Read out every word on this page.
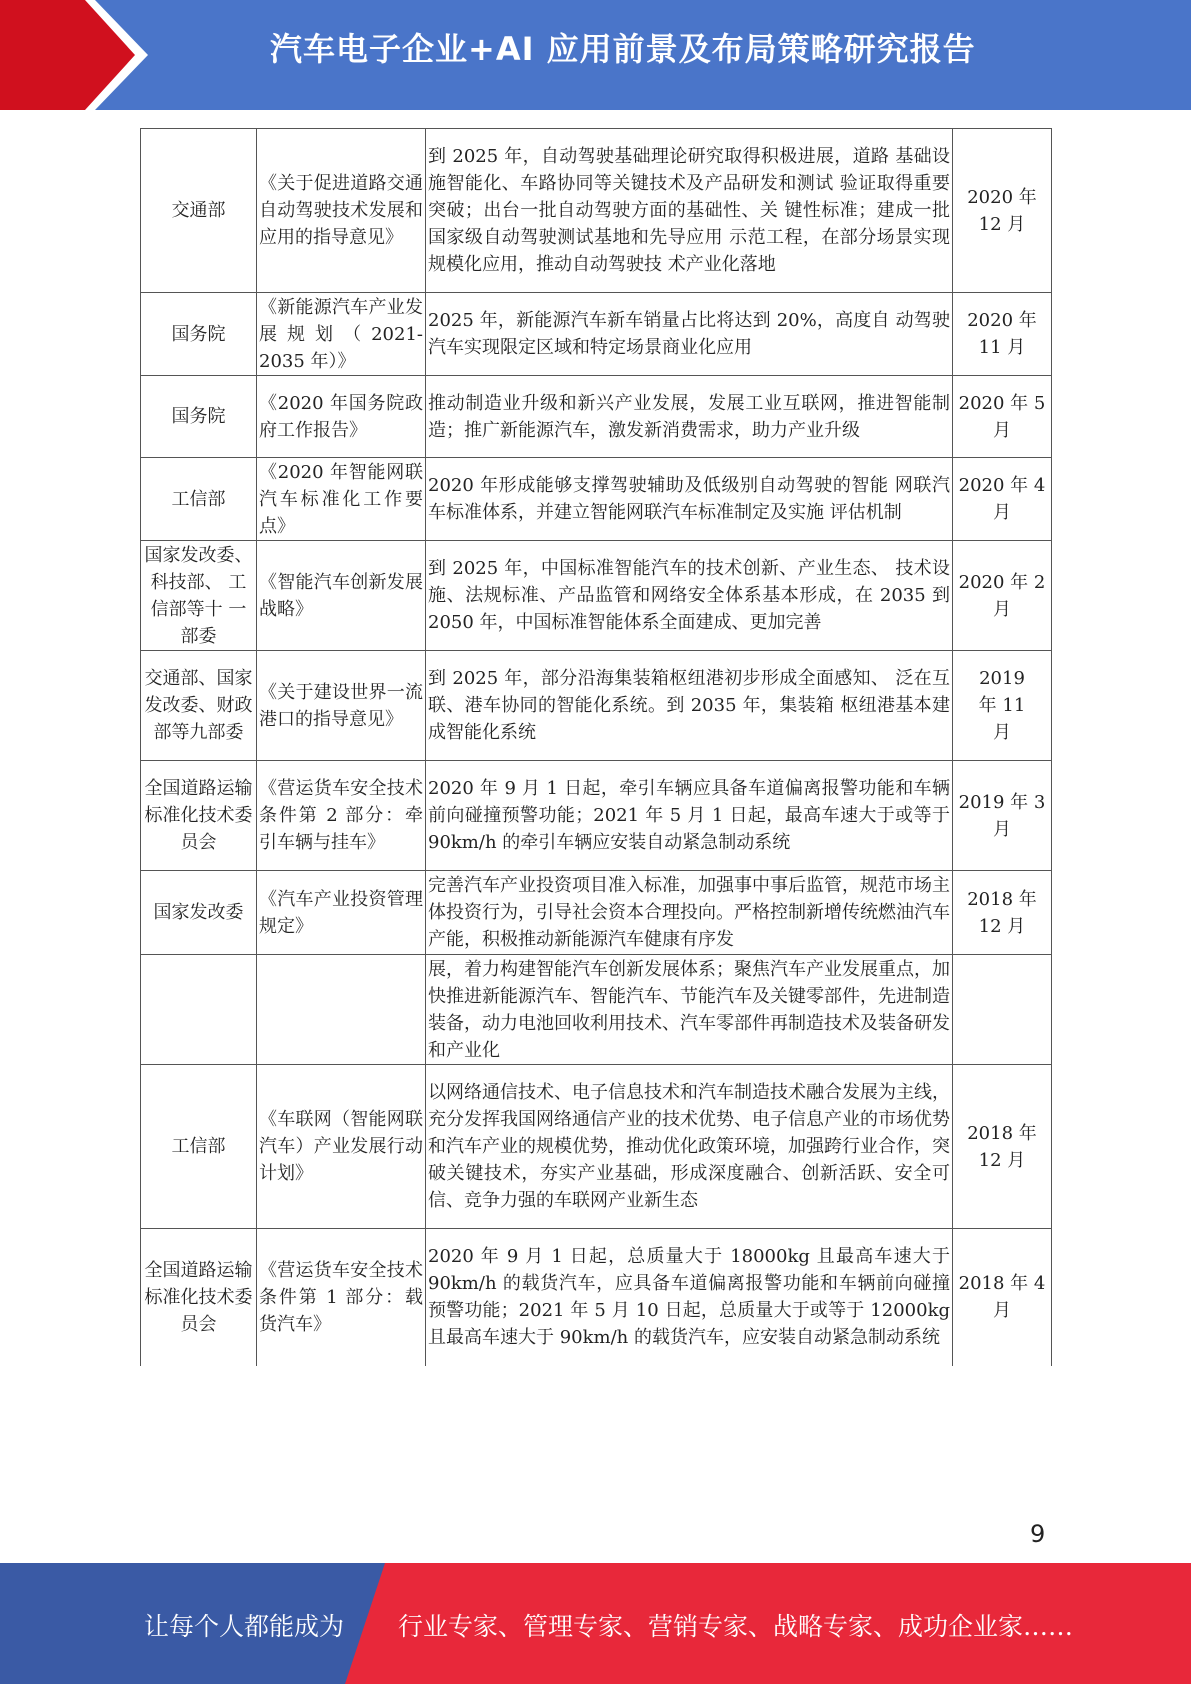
汽车电子企业+AI 应用前景及布局策略研究报告
交通部	《关于促进道路交通自动驾驶技术发展和应用的指导意见》	到 2025 年，自动驾驶基础理论研究取得积极进展，道路 基础设施智能化、车路协同等关键技术及产品研发和测试 验证取得重要突破；出台一批自动驾驶方面的基础性、关 键性标准；建成一批国家级自动驾驶测试基地和先导应用 示范工程，在部分场景实现规模化应用，推动自动驾驶技 术产业化落地	2020 年 12 月

国务院	《新能源汽车产业发展规划（2021-2035 年）》	2025 年，新能源汽车新车销量占比将达到 20%，高度自 动驾驶汽车实现限定区域和特定场景商业化应用	2020 年 11 月

国务院	《2020 年国务院政府工作报告》	推动制造业升级和新兴产业发展，发展工业互联网，推进智能制造；推广新能源汽车，激发新消费需求，助力产业升级	2020 年 5 月

工信部	《2020 年智能网联汽车标准化工作要点》	2020 年形成能够支撑驾驶辅助及低级别自动驾驶的智能 网联汽车标准体系，并建立智能网联汽车标准制定及实施 评估机制	2020 年 4 月

国家发改委、科技部、 工信部等十 一部委	《智能汽车创新发展战略》	到 2025 年，中国标准智能汽车的技术创新、产业生态、 技术设施、法规标准、产品监管和网络安全体系基本形成，在 2035 到 2050 年，中国标准智能体系全面建成、更加完善	2020 年 2 月

交通部、国家发改委、财政部等九部委	《关于建设世界一流港口的指导意见》	到 2025 年，部分沿海集装箱枢纽港初步形成全面感知、 泛在互联、港车协同的智能化系统。到 2035 年，集装箱 枢纽港基本建成智能化系统	2019 年 11 月

全国道路运输标准化技术委员会	《营运货车安全技术条件第 2 部分：牵引车辆与挂车》	2020 年 9 月 1 日起，牵引车辆应具备车道偏离报警功能和车辆前向碰撞预警功能；2021 年 5 月 1 日起，最高车速大于或等于 90km/h 的牵引车辆应安装自动紧急制动系统	2019 年 3 月

国家发改委	《汽车产业投资管理规定》	完善汽车产业投资项目准入标准，加强事中事后监管，规范市场主体投资行为，引导社会资本合理投向。严格控制新增传统燃油汽车产能，积极推动新能源汽车健康有序发	2018 年 12 月

		展，着力构建智能汽车创新发展体系；聚焦汽车产业发展重点，加快推进新能源汽车、智能汽车、节能汽车及关键零部件，先进制造装备，动力电池回收利用技术、汽车零部件再制造技术及装备研发和产业化	

工信部	《车联网（智能网联汽车）产业发展行动计划》	以网络通信技术、电子信息技术和汽车制造技术融合发展为主线，充分发挥我国网络通信产业的技术优势、电子信息产业的市场优势和汽车产业的规模优势，推动优化政策环境，加强跨行业合作，突破关键技术，夯实产业基础，形成深度融合、创新活跃、安全可信、竞争力强的车联网产业新生态	2018 年 12 月

全国道路运输标准化技术委员会	《营运货车安全技术条件第 1 部分：载货汽车》	2020 年 9 月 1 日起，总质量大于 18000kg 且最高车速大于 90km/h 的载货汽车，应具备车道偏离报警功能和车辆前向碰撞预警功能；2021 年 5 月 10 日起，总质量大于或等于 12000kg 且最高车速大于 90km/h 的载货汽车，应安装自动紧急制动系统	2018 年 4 月
9
让每个人都能成为 行业专家、管理专家、营销专家、战略专家、成功企业家……
